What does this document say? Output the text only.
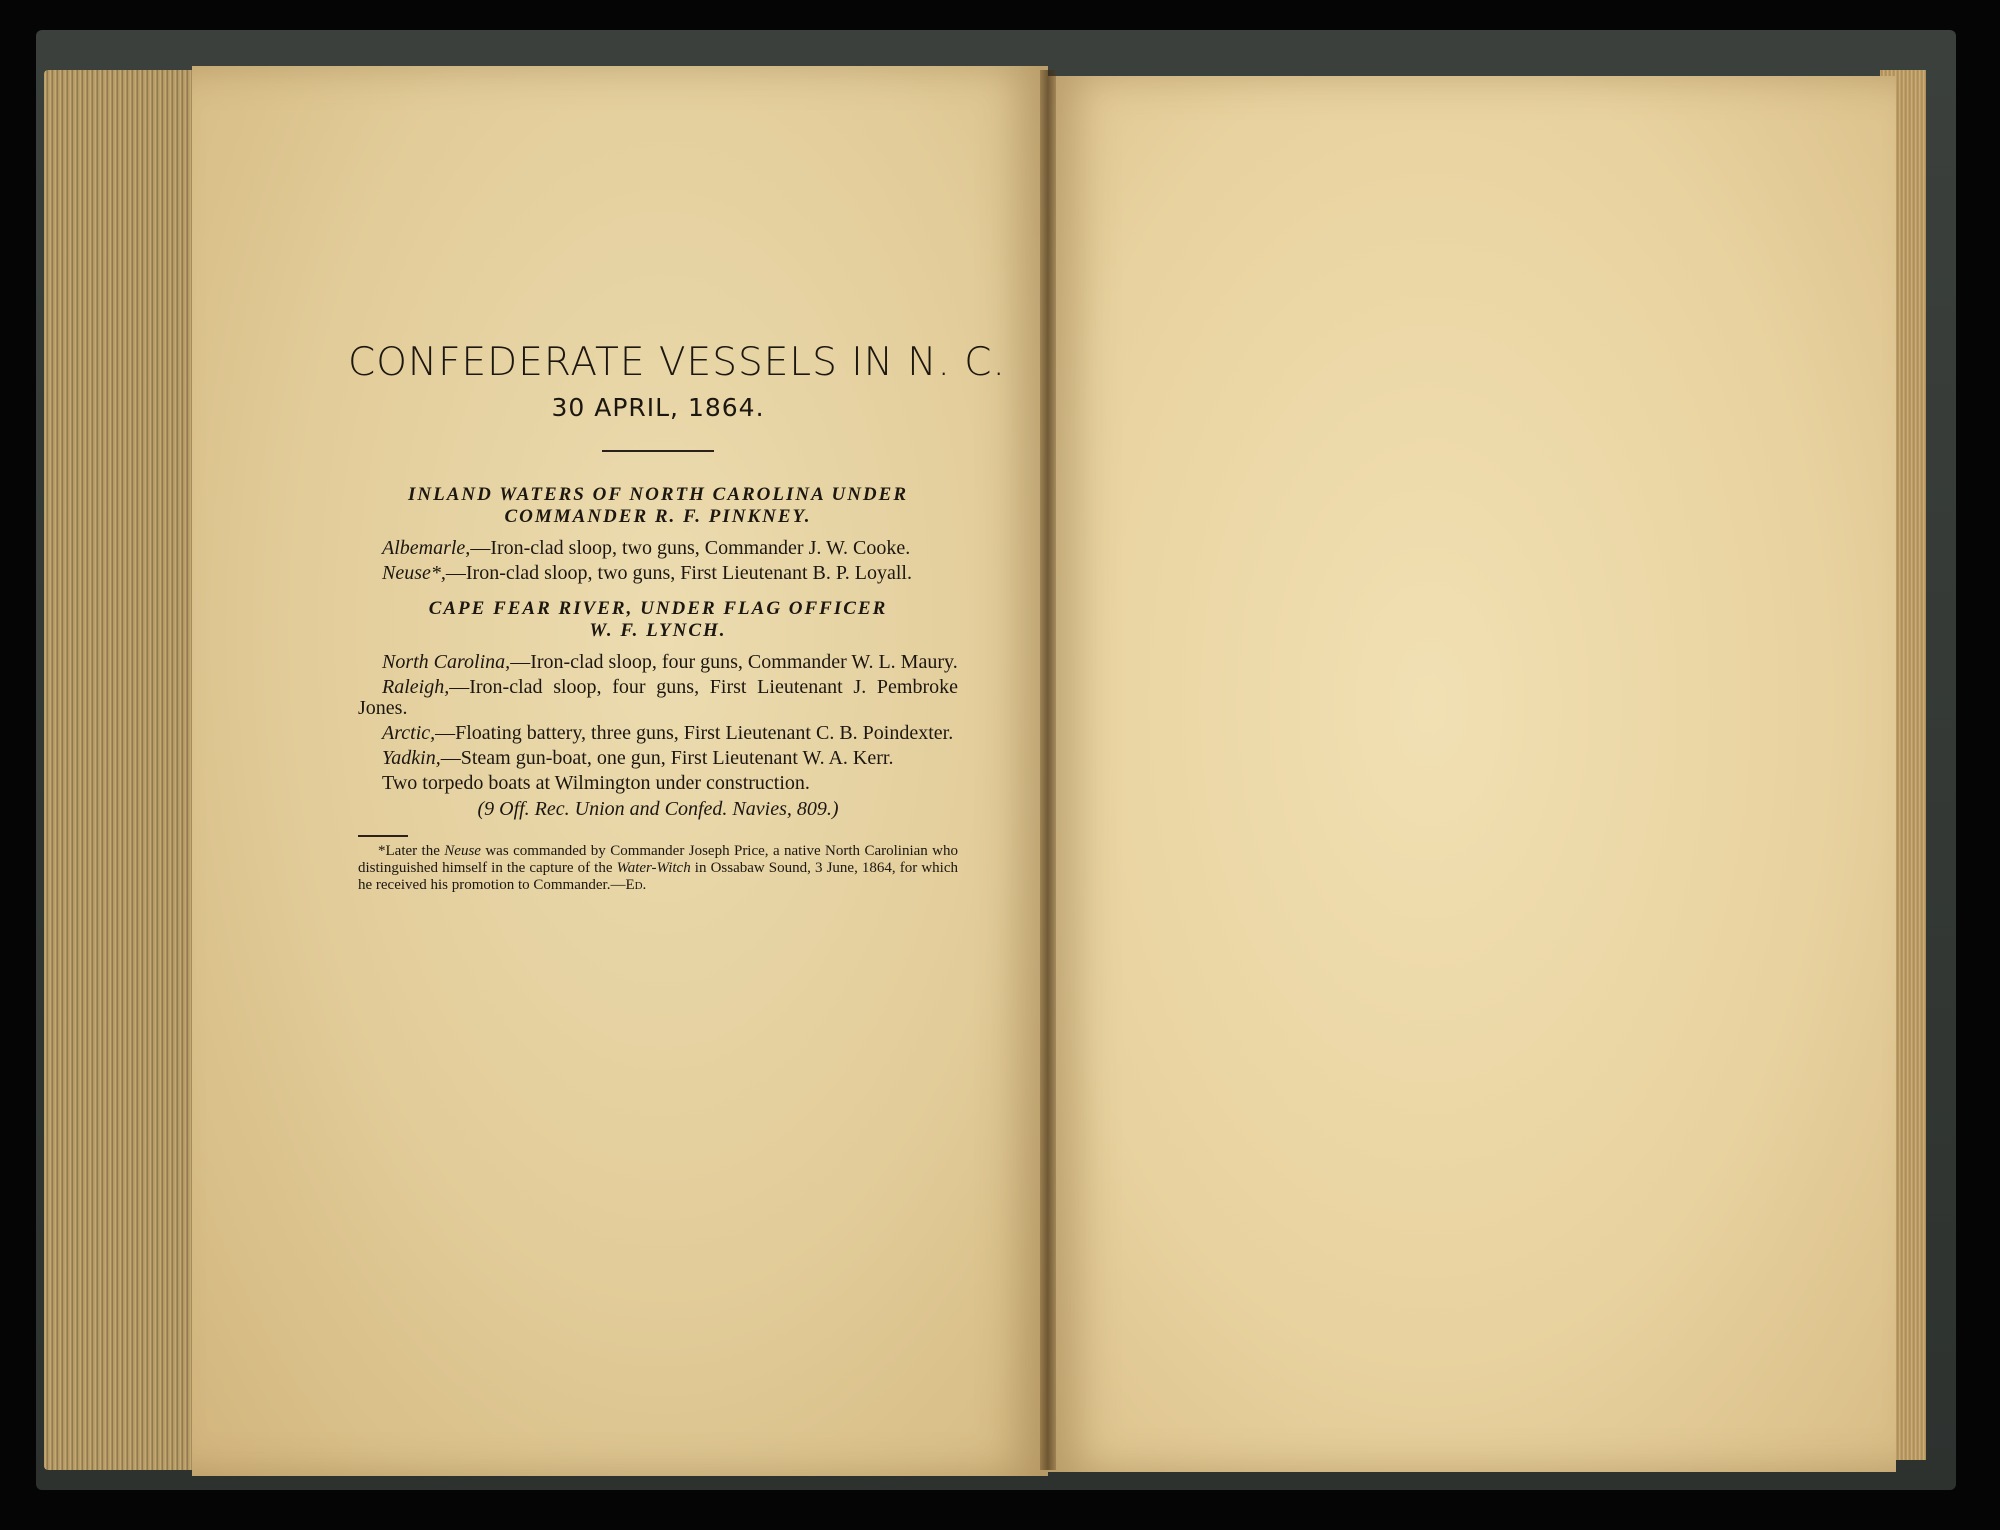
CONFEDERATE VESSELS IN N. C.
30 APRIL, 1864.
INLAND WATERS OF NORTH CAROLINA UNDER
COMMANDER R. F. PINKNEY.

Albemarle,—Iron-clad sloop, two guns, Commander J. W. Cooke.

Neuse*,—Iron-clad sloop, two guns, First Lieutenant B. P. Loyall.

CAPE FEAR RIVER, UNDER FLAG OFFICER
W. F. LYNCH.

North Carolina,—Iron-clad sloop, four guns, Commander W. L. Maury.

Raleigh,—Iron-clad sloop, four guns, First Lieutenant J. Pembroke Jones.

Arctic,—Floating battery, three guns, First Lieutenant C. B. Poindexter.

Yadkin,—Steam gun-boat, one gun, First Lieutenant W. A. Kerr.

Two torpedo boats at Wilmington under construction.

(9 Off. Rec. Union and Confed. Navies, 809.)

*Later the Neuse was commanded by Commander Joseph Price, a native North Carolinian who distinguished himself in the capture of the Water-Witch in Ossabaw Sound, 3 June, 1864, for which he received his promotion to Commander.—Ed.
